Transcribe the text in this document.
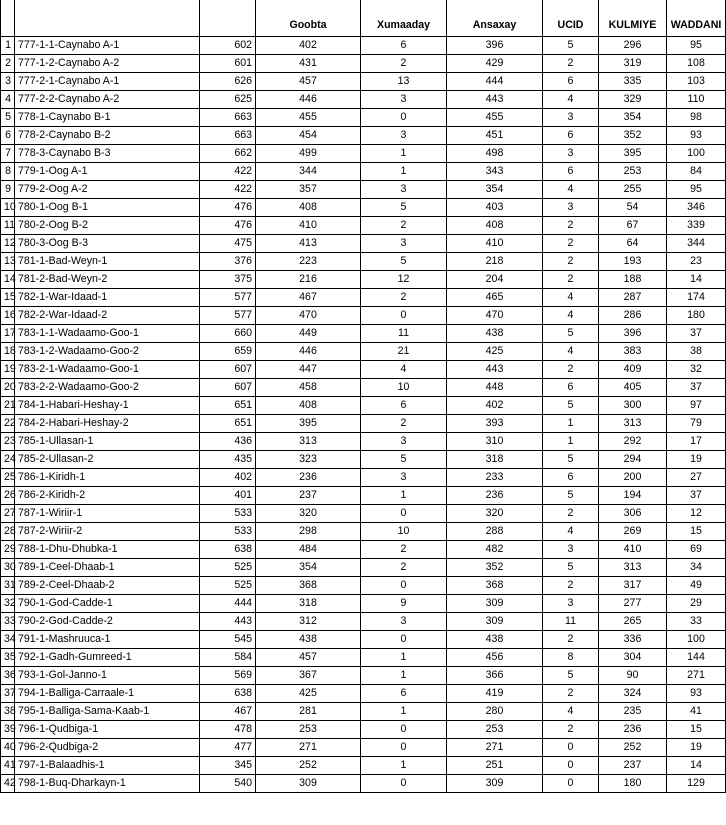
			Goobta	Xumaaday	Ansaxay	UCID	KULMIYE	WADDANI
1	777-1-1-Caynabo A-1	602	402	6	396	5	296	95
2	777-1-2-Caynabo A-2	601	431	2	429	2	319	108
3	777-2-1-Caynabo A-1	626	457	13	444	6	335	103
4	777-2-2-Caynabo A-2	625	446	3	443	4	329	110
5	778-1-Caynabo B-1	663	455	0	455	3	354	98
6	778-2-Caynabo B-2	663	454	3	451	6	352	93
7	778-3-Caynabo B-3	662	499	1	498	3	395	100
8	779-1-Oog A-1	422	344	1	343	6	253	84
9	779-2-Oog A-2	422	357	3	354	4	255	95
10	780-1-Oog B-1	476	408	5	403	3	54	346
11	780-2-Oog B-2	476	410	2	408	2	67	339
12	780-3-Oog B-3	475	413	3	410	2	64	344
13	781-1-Bad-Weyn-1	376	223	5	218	2	193	23
14	781-2-Bad-Weyn-2	375	216	12	204	2	188	14
15	782-1-War-Idaad-1	577	467	2	465	4	287	174
16	782-2-War-Idaad-2	577	470	0	470	4	286	180
17	783-1-1-Wadaamo-Goo-1	660	449	11	438	5	396	37
18	783-1-2-Wadaamo-Goo-2	659	446	21	425	4	383	38
19	783-2-1-Wadaamo-Goo-1	607	447	4	443	2	409	32
20	783-2-2-Wadaamo-Goo-2	607	458	10	448	6	405	37
21	784-1-Habari-Heshay-1	651	408	6	402	5	300	97
22	784-2-Habari-Heshay-2	651	395	2	393	1	313	79
23	785-1-Ullasan-1	436	313	3	310	1	292	17
24	785-2-Ullasan-2	435	323	5	318	5	294	19
25	786-1-Kiridh-1	402	236	3	233	6	200	27
26	786-2-Kiridh-2	401	237	1	236	5	194	37
27	787-1-Wiriir-1	533	320	0	320	2	306	12
28	787-2-Wiriir-2	533	298	10	288	4	269	15
29	788-1-Dhu-Dhubka-1	638	484	2	482	3	410	69
30	789-1-Ceel-Dhaab-1	525	354	2	352	5	313	34
31	789-2-Ceel-Dhaab-2	525	368	0	368	2	317	49
32	790-1-God-Cadde-1	444	318	9	309	3	277	29
33	790-2-God-Cadde-2	443	312	3	309	11	265	33
34	791-1-Mashruuca-1	545	438	0	438	2	336	100
35	792-1-Gadh-Gumreed-1	584	457	1	456	8	304	144
36	793-1-Gol-Janno-1	569	367	1	366	5	90	271
37	794-1-Balliga-Carraale-1	638	425	6	419	2	324	93
38	795-1-Balliga-Sama-Kaab-1	467	281	1	280	4	235	41
39	796-1-Qudbiga-1	478	253	0	253	2	236	15
40	796-2-Qudbiga-2	477	271	0	271	0	252	19
41	797-1-Balaadhis-1	345	252	1	251	0	237	14
42	798-1-Buq-Dharkayn-1	540	309	0	309	0	180	129
